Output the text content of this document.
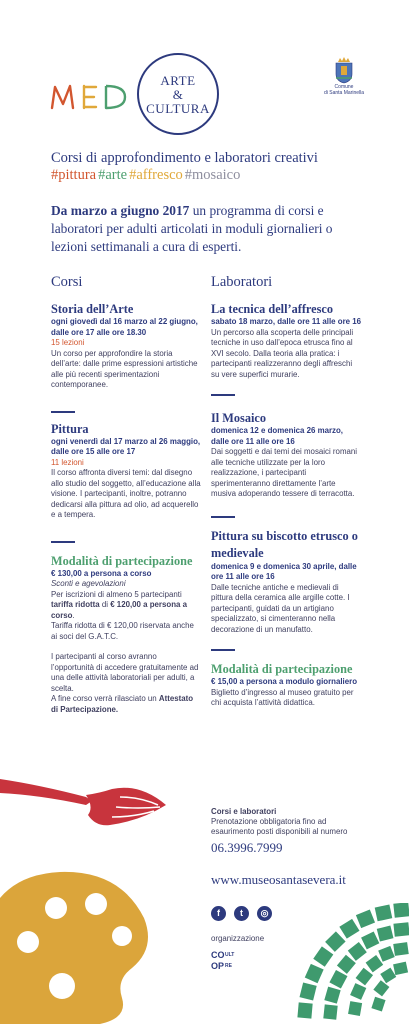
ARTE
&
CULTURA
Comune
di Santa Marinella
Corsi di approfondimento e laboratori creativi
#pittura #arte #affresco #mosaico
Da marzo a giugno 2017 un programma di corsi e laboratori per adulti articolati in moduli giornalieri o lezioni settimanali a cura di esperti.
Corsi
Storia dell’Arte
ogni giovedì dal 16 marzo al 22 giugno, dalle ore 17 alle ore 18.30
15 lezioni
Un corso per approfondire la storia dell’arte: dalle prime espressioni artistiche alle più recenti sperimentazioni contemporanee.
Pittura
ogni venerdì dal 17 marzo al 26 maggio, dalle ore 15 alle ore 17
11 lezioni
Il corso affronta diversi temi: dal disegno allo studio del soggetto, all’educazione alla visione. I partecipanti, inoltre, potranno dedicarsi alla pittura ad olio, ad acquerello e a tempera.
Modalità di partecipazione
€ 130,00 a persona a corso
Sconti e agevolazioni
Per iscrizioni di almeno 5 partecipanti tariffa ridotta di € 120,00 a persona a corso.
Tariffa ridotta di € 120,00 riservata anche ai soci del G.A.T.C.
I partecipanti al corso avranno l’opportunità di accedere gratuitamente ad una delle attività laboratoriali per adulti, a scelta.
A fine corso verrà rilasciato un Attestato di Partecipazione.
Laboratori
La tecnica dell’affresco
sabato 18 marzo, dalle ore 11 alle ore 16
Un percorso alla scoperta delle principali tecniche in uso dall’epoca etrusca fino al XVI secolo. Dalla teoria alla pratica: i partecipanti realizzeranno degli affreschi su vere superfici murarie.
Il Mosaico
domenica 12 e domenica 26 marzo, dalle ore 11 alle ore 16
Dai soggetti e dai temi dei mosaici romani alle tecniche utilizzate per la loro realizzazione, i partecipanti sperimenteranno direttamente l’arte musiva adoperando tessere di terracotta.
Pittura su biscotto etrusco o medievale
domenica 9 e domenica 30 aprile, dalle ore 11 alle ore 16
Dalle tecniche antiche e medievali di pittura della ceramica alle argille cotte. I partecipanti, guidati da un artigiano specializzato, si cimenteranno nella decorazione di un manufatto.
Modalità di partecipazione
€ 15,00 a persona a modulo giornaliero
Biglietto d’ingresso al museo gratuito per chi acquista l’attività didattica.
Corsi e laboratori
Prenotazione obbligatoria fino ad esaurimento posti disponibili al numero
06.3996.7999
www.museosantasevera.it
f	t	◎
organizzazione
CO ULT
OP RE
